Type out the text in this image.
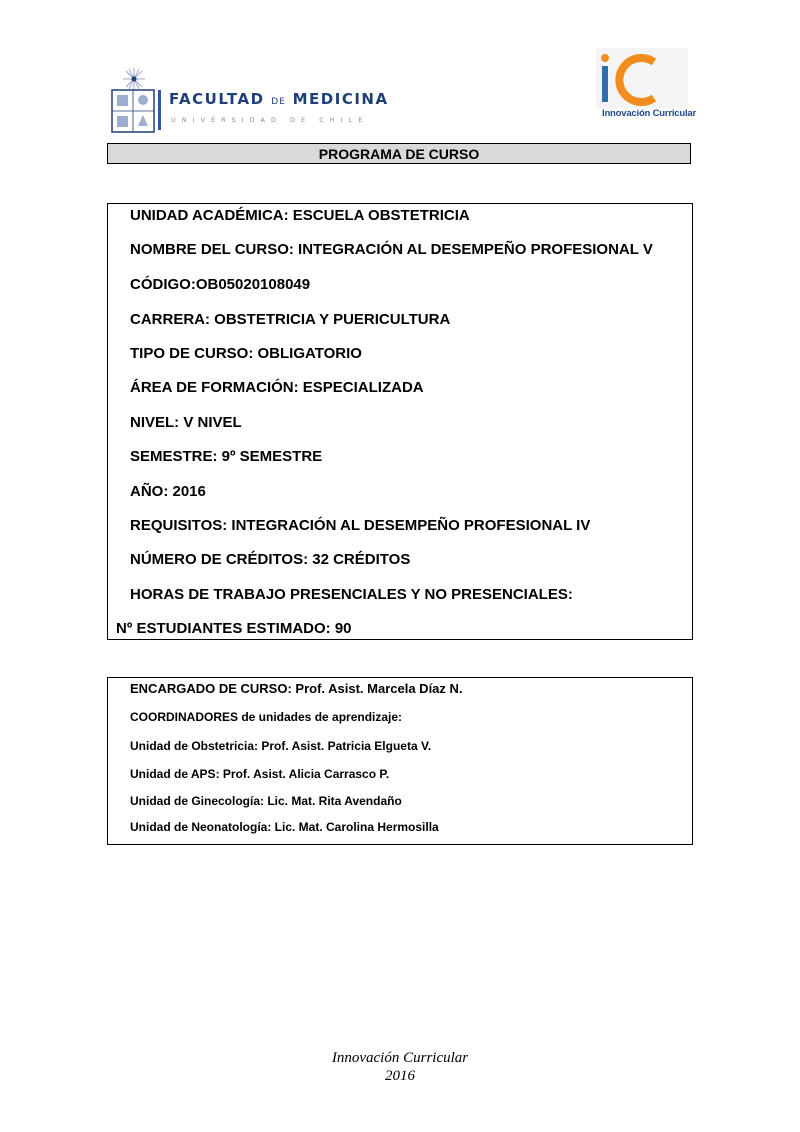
FACULTAD DE MEDICINA
UNIVERSIDAD DE CHILE
Innovación Curricular
PROGRAMA DE CURSO
UNIDAD ACADÉMICA: ESCUELA OBSTETRICIA
NOMBRE DEL CURSO: INTEGRACIÓN AL DESEMPEÑO PROFESIONAL V
CÓDIGO:OB05020108049
CARRERA: OBSTETRICIA Y PUERICULTURA
TIPO DE CURSO: OBLIGATORIO
ÁREA DE FORMACIÓN: ESPECIALIZADA
NIVEL: V NIVEL
SEMESTRE: 9º SEMESTRE
AÑO: 2016
REQUISITOS: INTEGRACIÓN AL DESEMPEÑO PROFESIONAL IV
NÚMERO DE CRÉDITOS: 32 CRÉDITOS
HORAS DE TRABAJO PRESENCIALES Y NO PRESENCIALES:
Nº ESTUDIANTES ESTIMADO: 90
ENCARGADO DE CURSO: Prof. Asist. Marcela Díaz N.
COORDINADORES de unidades de aprendizaje:
Unidad de Obstetricia: Prof. Asist. Patricia Elgueta V.
Unidad de APS: Prof. Asist. Alicia Carrasco P.
Unidad de Ginecología: Lic. Mat. Rita Avendaño
Unidad de Neonatología: Lic. Mat. Carolina Hermosilla
Innovación Curricular
2016
